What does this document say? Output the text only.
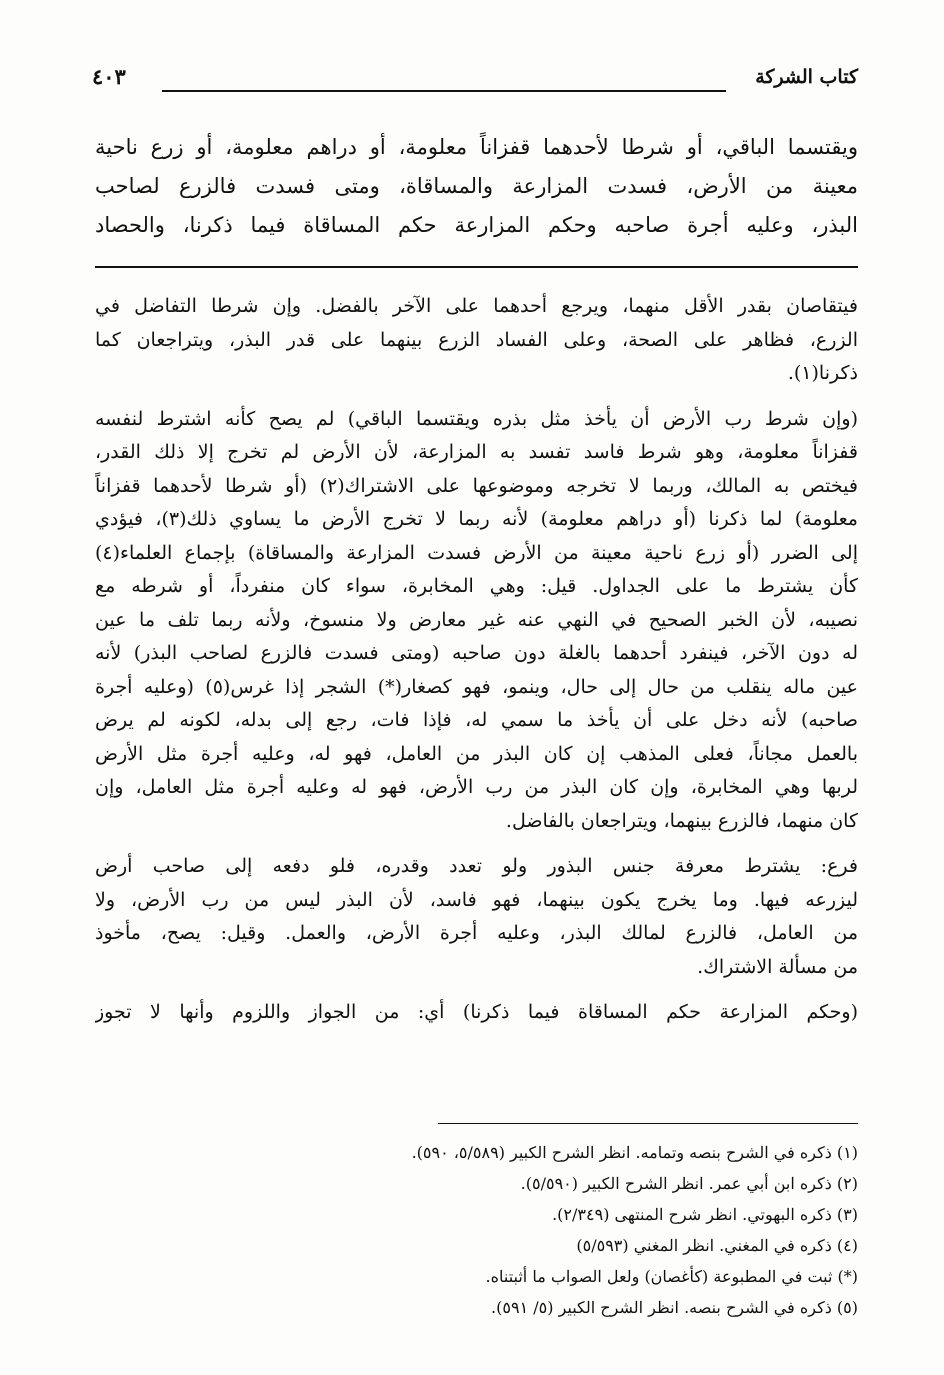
كتاب الشركة
٤٠٣
ويقتسما الباقي، أو شرطا لأحدهما قفزاناً معلومة، أو دراهم معلومة، أو زرع ناحية
معينة من الأرض، فسدت المزارعة والمساقاة، ومتى فسدت فالزرع لصاحب
البذر، وعليه أجرة صاحبه وحكم المزارعة حكم المساقاة فيما ذكرنا، والحصاد
فيتقاصان بقدر الأقل منهما، ويرجع أحدهما على الآخر بالفضل. وإن شرطا التفاضل في
الزرع، فظاهر على الصحة، وعلى الفساد الزرع بينهما على قدر البذر، ويتراجعان كما
ذكرنا(١).
(وإن شرط رب الأرض أن يأخذ مثل بذره ويقتسما الباقي) لم يصح كأنه اشترط لنفسه
قفزاناً معلومة، وهو شرط فاسد تفسد به المزارعة، لأن الأرض لم تخرج إلا ذلك القدر،
فيختص به المالك، وربما لا تخرجه وموضوعها على الاشتراك(٢) (أو شرطا لأحدهما قفزاناً
معلومة) لما ذكرنا (أو دراهم معلومة) لأنه ربما لا تخرج الأرض ما يساوي ذلك(٣)، فيؤدي
إلى الضرر (أو زرع ناحية معينة من الأرض فسدت المزارعة والمساقاة) بإجماع العلماء(٤)
كأن يشترط ما على الجداول. قيل: وهي المخابرة، سواء كان منفرداً، أو شرطه مع
نصيبه، لأن الخبر الصحيح في النهي عنه غير معارض ولا منسوخ، ولأنه ربما تلف ما عين
له دون الآخر، فينفرد أحدهما بالغلة دون صاحبه (ومتى فسدت فالزرع لصاحب البذر) لأنه
عين ماله ينقلب من حال إلى حال، وينمو، فهو كصغار(*) الشجر إذا غرس(٥) (وعليه أجرة
صاحبه) لأنه دخل على أن يأخذ ما سمي له، فإذا فات، رجع إلى بدله، لكونه لم يرض
بالعمل مجاناً، فعلى المذهب إن كان البذر من العامل، فهو له، وعليه أجرة مثل الأرض
لربها وهي المخابرة، وإن كان البذر من رب الأرض، فهو له وعليه أجرة مثل العامل، وإن
كان منهما، فالزرع بينهما، ويتراجعان بالفاضل.
فرع: يشترط معرفة جنس البذور ولو تعدد وقدره، فلو دفعه إلى صاحب أرض
ليزرعه فيها. وما يخرج يكون بينهما، فهو فاسد، لأن البذر ليس من رب الأرض، ولا
من العامل، فالزرع لمالك البذر، وعليه أجرة الأرض، والعمل. وقيل: يصح، مأخوذ
من مسألة الاشتراك.
(وحكم المزارعة حكم المساقاة فيما ذكرنا) أي: من الجواز واللزوم وأنها لا تجوز
(١) ذكره في الشرح بنصه وتمامه. انظر الشرح الكبير (٥/٥٨٩، ٥٩٠).
(٢) ذكره ابن أبي عمر. انظر الشرح الكبير (٥/٥٩٠).
(٣) ذكره البهوتي. انظر شرح المنتهى (٢/٣٤٩).
(٤) ذكره في المغني. انظر المغني (٥/٥٩٣)
(*) ثبت في المطبوعة (كأغصان) ولعل الصواب ما أثبتناه.
(٥) ذكره في الشرح بنصه. انظر الشرح الكبير (٥/ ٥٩١).
